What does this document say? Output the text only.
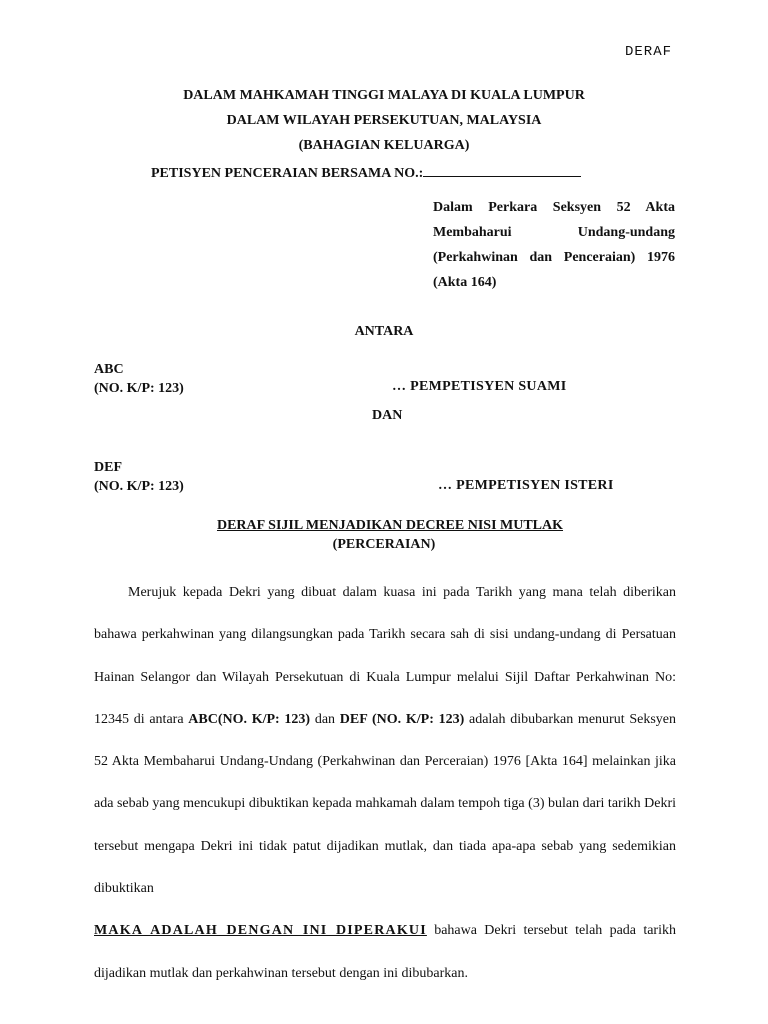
DERAF
DALAM MAHKAMAH TINGGI MALAYA DI KUALA LUMPUR
DALAM WILAYAH PERSEKUTUAN, MALAYSIA
(BAHAGIAN KELUARGA)
PETISYEN PENCERAIAN BERSAMA NO.:
Dalam Perkara Seksyen 52 Akta
Membaharui Undang-undang
(Perkahwinan dan Penceraian) 1976
(Akta 164)
ANTARA
ABC
(NO. K/P: 123)	… PEMPETISYEN SUAMI
DAN
DEF
(NO. K/P: 123)	… PEMPETISYEN ISTERI
DERAF SIJIL MENJADIKAN DECREE NISI MUTLAK
(PERCERAIAN)

Merujuk kepada Dekri yang dibuat dalam kuasa ini pada Tarikh yang mana telah diberikan bahawa perkahwinan yang dilangsungkan pada Tarikh secara sah di sisi undang-undang di Persatuan Hainan Selangor dan Wilayah Persekutuan di Kuala Lumpur melalui Sijil Daftar Perkahwinan No: 12345 di antara ABC(NO. K/P: 123) dan DEF (NO. K/P: 123) adalah dibubarkan menurut Seksyen 52 Akta Membaharui Undang-Undang (Perkahwinan dan Perceraian) 1976 [Akta 164] melainkan jika ada sebab yang mencukupi dibuktikan kepada mahkamah dalam tempoh tiga (3) bulan dari tarikh Dekri tersebut mengapa Dekri ini tidak patut dijadikan mutlak, dan tiada apa-apa sebab yang sedemikian dibuktikan

MAKA ADALAH DENGAN INI DIPERAKUI bahawa Dekri tersebut telah pada tarikh dijadikan mutlak dan perkahwinan tersebut dengan ini dibubarkan.
